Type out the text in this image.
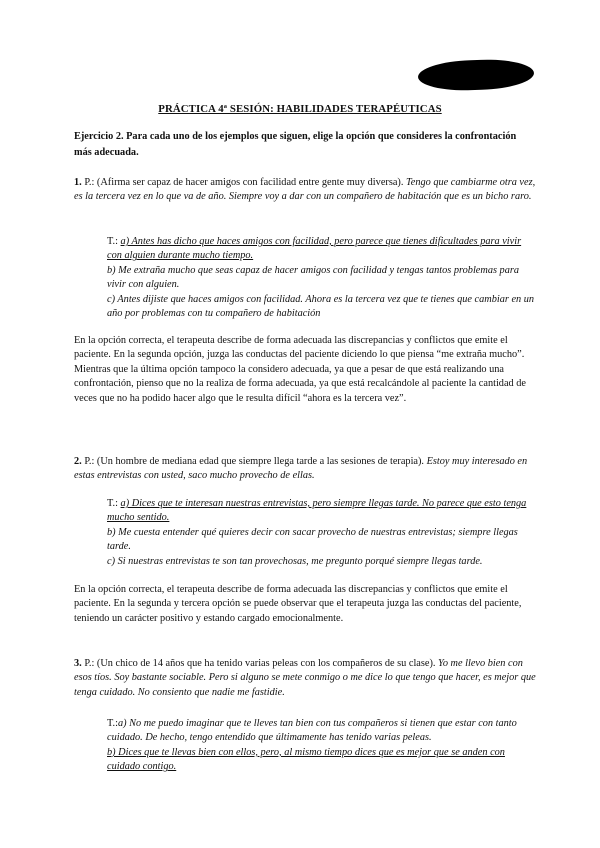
PRÁCTICA 4ª SESIÓN: HABILIDADES TERAPÉUTICAS
Ejercicio 2. Para cada uno de los ejemplos que siguen, elige la opción que consideres la confrontación más adecuada.
1. P.: (Afirma ser capaz de hacer amigos con facilidad entre gente muy diversa). Tengo que cambiarme otra vez, es la tercera vez en lo que va de año. Siempre voy a dar con un compañero de habitación que es un bicho raro.
T.: a) Antes has dicho que haces amigos con facilidad, pero parece que tienes dificultades para vivir con alguien durante mucho tiempo.
b) Me extraña mucho que seas capaz de hacer amigos con facilidad y tengas tantos problemas para vivir con alguien.
c) Antes dijiste que haces amigos con facilidad. Ahora es la tercera vez que te tienes que cambiar en un año por problemas con tu compañero de habitación
En la opción correcta, el terapeuta describe de forma adecuada las discrepancias y conflictos que emite el paciente. En la segunda opción, juzga las conductas del paciente diciendo lo que piensa “me extraña mucho”. Mientras que la última opción tampoco la considero adecuada, ya que a pesar de que está realizando una confrontación, pienso que no la realiza de forma adecuada, ya que está recalcándole al paciente la cantidad de veces que no ha podido hacer algo que le resulta difícil “ahora es la tercera vez”.
2. P.: (Un hombre de mediana edad que siempre llega tarde a las sesiones de terapia). Estoy muy interesado en estas entrevistas con usted, saco mucho provecho de ellas.
T.: a) Dices que te interesan nuestras entrevistas, pero siempre llegas tarde. No parece que esto tenga mucho sentido.
b) Me cuesta entender qué quieres decir con sacar provecho de nuestras entrevistas; siempre llegas tarde.
c) Si nuestras entrevistas te son tan provechosas, me pregunto porqué siempre llegas tarde.
En la opción correcta, el terapeuta describe de forma adecuada las discrepancias y conflictos que emite el paciente. En la segunda y tercera opción se puede observar que el terapeuta juzga las conductas del paciente, teniendo un carácter positivo y estando cargado emocionalmente.
3. P.: (Un chico de 14 años que ha tenido varias peleas con los compañeros de su clase). Yo me llevo bien con esos tíos. Soy bastante sociable. Pero si alguno se mete conmigo o me dice lo que tengo que hacer, es mejor que tenga cuidado. No consiento que nadie me fastidie.
T.:a) No me puedo imaginar que te lleves tan bien con tus compañeros si tienen que estar con tanto cuidado. De hecho, tengo entendido que últimamente has tenido varias peleas.
b) Dices que te llevas bien con ellos, pero, al mismo tiempo dices que es mejor que se anden con cuidado contigo.
